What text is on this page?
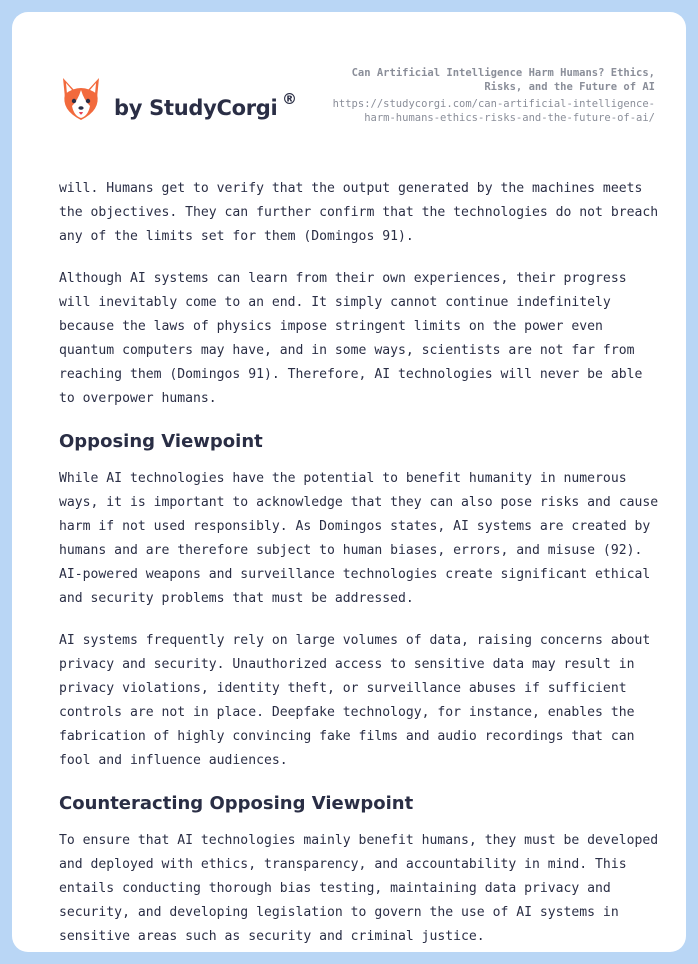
by StudyCorgi ®
Can Artificial Intelligence Harm Humans? Ethics, Risks, and the Future of AI
https://studycorgi.com/can-artificial-intelligence-harm-humans-ethics-risks-and-the-future-of-ai/

will. Humans get to verify that the output generated by the machines meets the objectives. They can further confirm that the technologies do not breach any of the limits set for them (Domingos 91).

Although AI systems can learn from their own experiences, their progress will inevitably come to an end. It simply cannot continue indefinitely because the laws of physics impose stringent limits on the power even quantum computers may have, and in some ways, scientists are not far from reaching them (Domingos 91). Therefore, AI technologies will never be able to overpower humans.

Opposing Viewpoint

While AI technologies have the potential to benefit humanity in numerous ways, it is important to acknowledge that they can also pose risks and cause harm if not used responsibly. As Domingos states, AI systems are created by humans and are therefore subject to human biases, errors, and misuse (92). AI-powered weapons and surveillance technologies create significant ethical and security problems that must be addressed.

AI systems frequently rely on large volumes of data, raising concerns about privacy and security. Unauthorized access to sensitive data may result in privacy violations, identity theft, or surveillance abuses if sufficient controls are not in place. Deepfake technology, for instance, enables the fabrication of highly convincing fake films and audio recordings that can fool and influence audiences.

Counteracting Opposing Viewpoint

To ensure that AI technologies mainly benefit humans, they must be developed and deployed with ethics, transparency, and accountability in mind. This entails conducting thorough bias testing, maintaining data privacy and security, and developing legislation to govern the use of AI systems in sensitive areas such as security and criminal justice.
